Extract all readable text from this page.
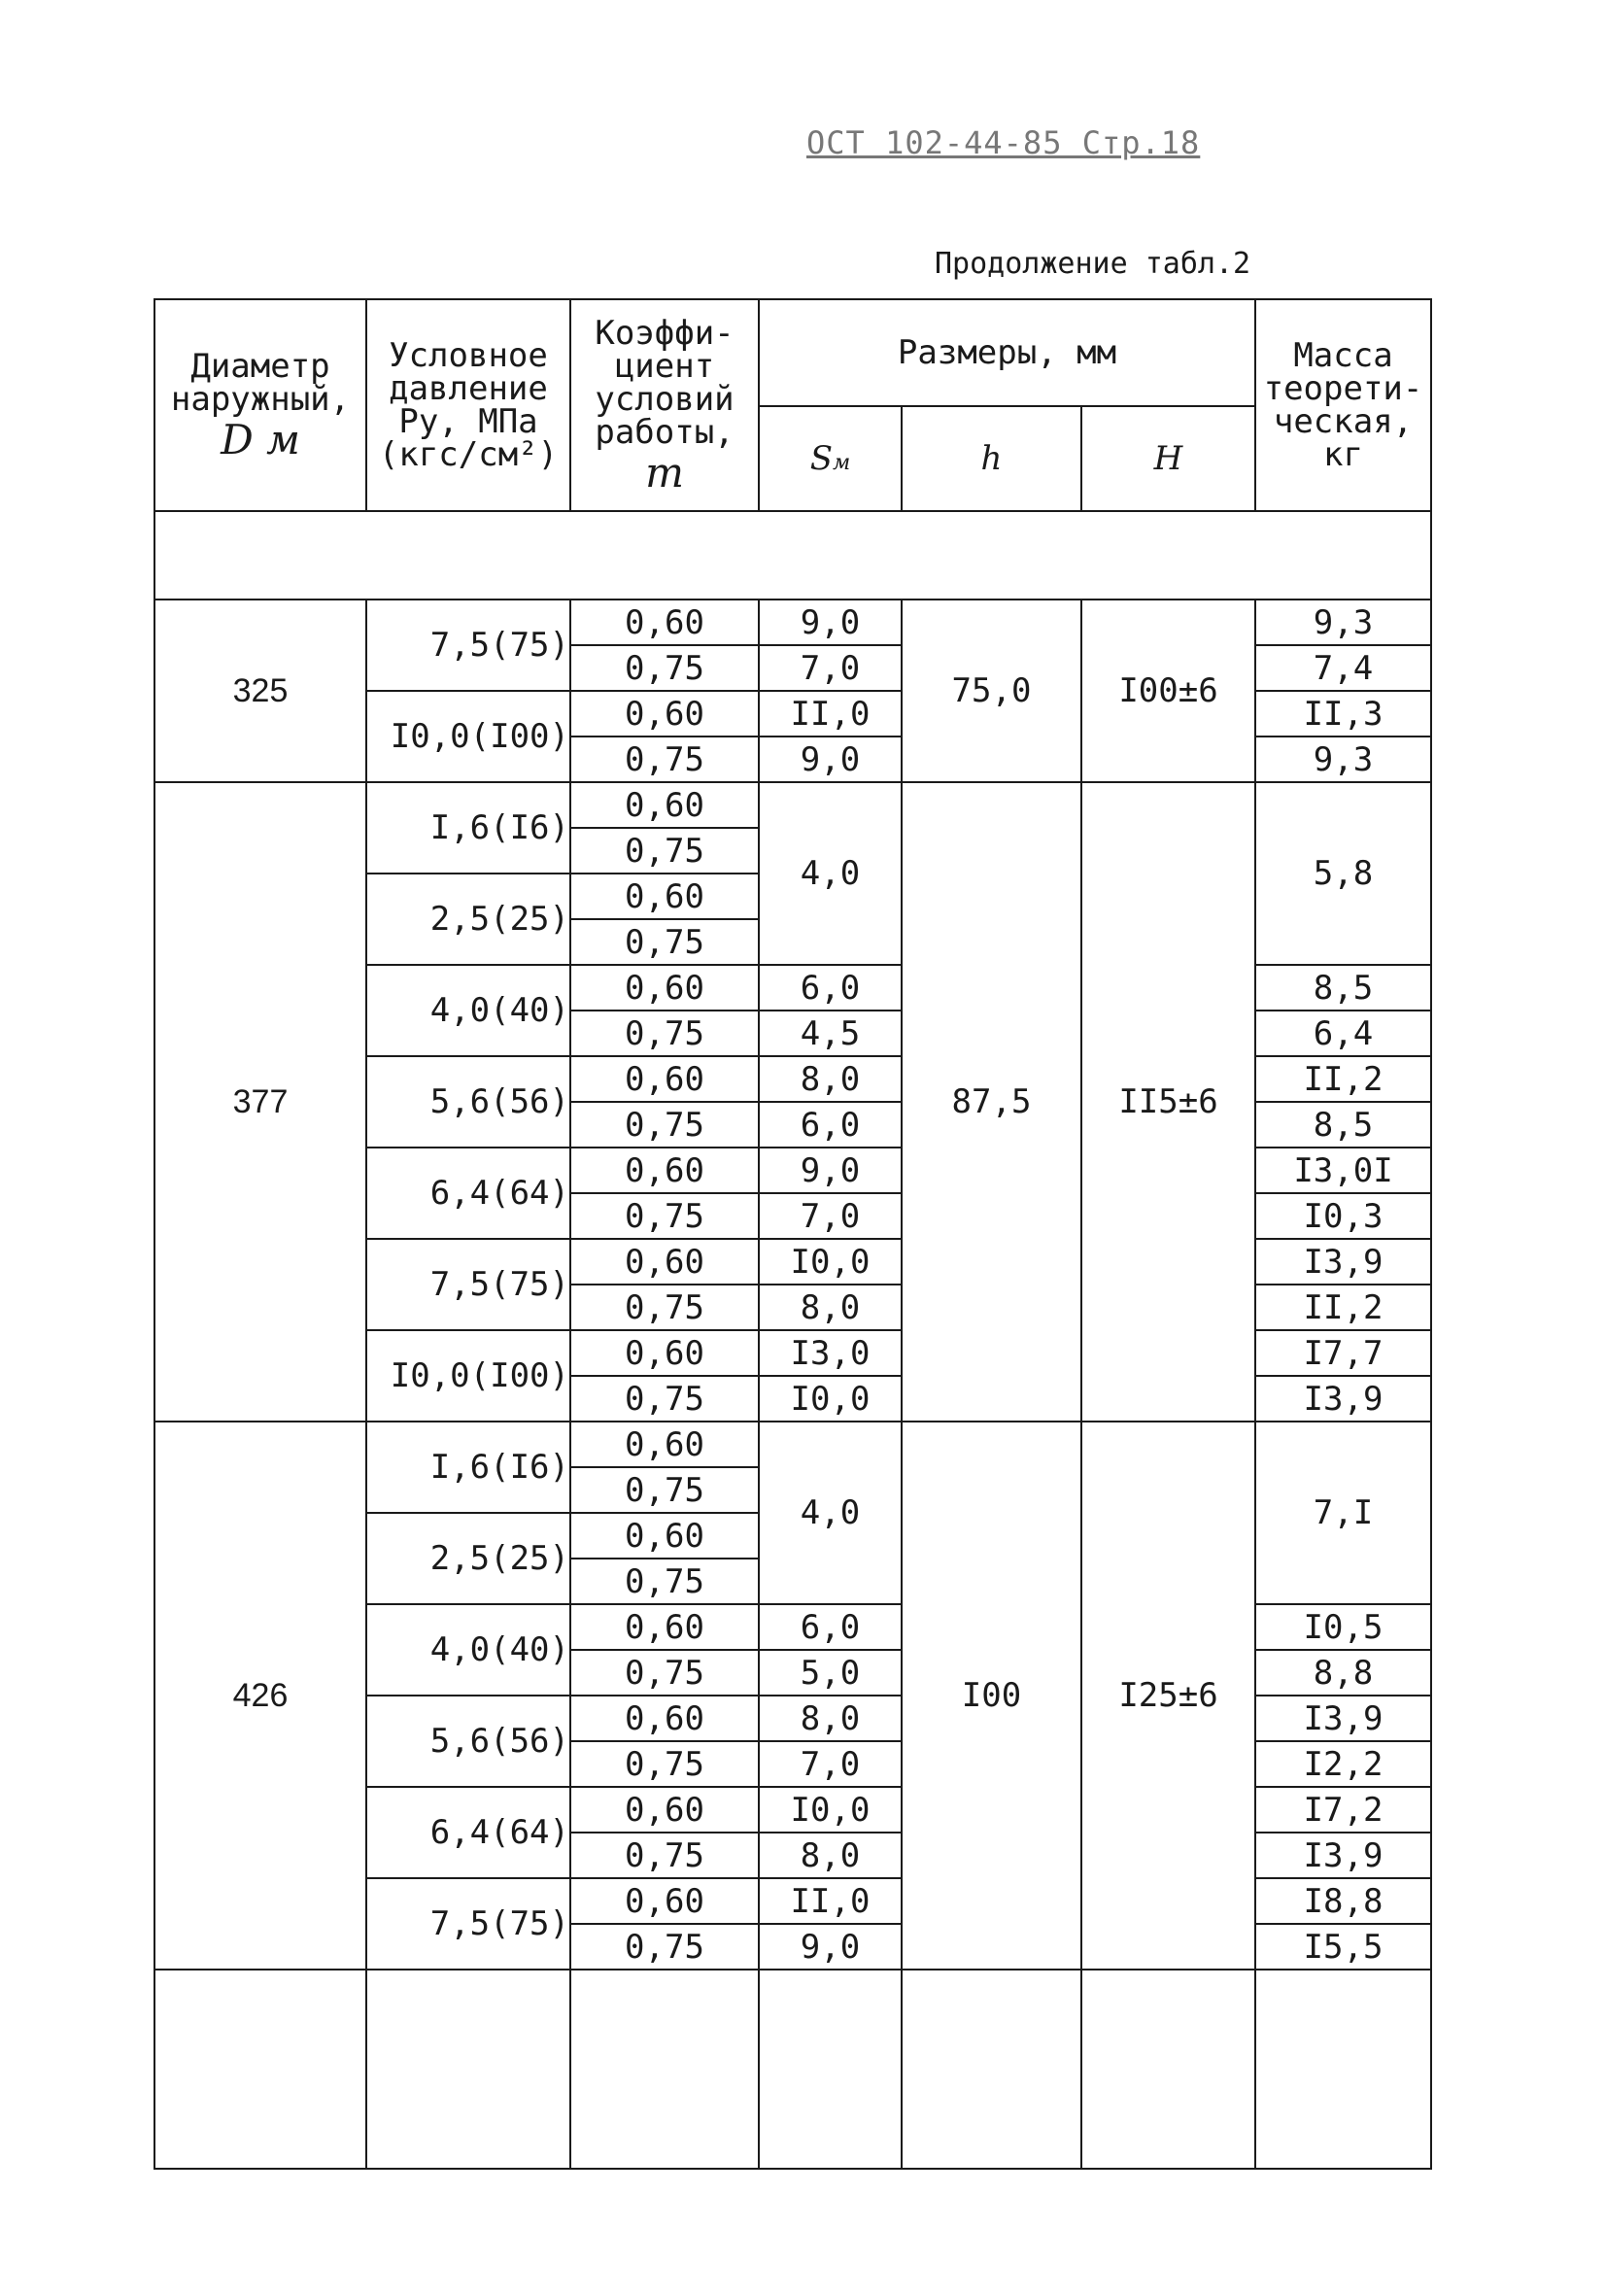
ОСТ 102-44-85 Стр.18
Продолжение табл.2
Диаметр
наружный,
D м	Условное
давление
Pу, МПа
(кгс/см²)	Коэффи-
циент
условий
работы,
m	Размеры, мм			Масса
теорети-
ческая,
кг

			Sм	h	H	

325	7,5(75)	0,60	9,0	75,0	I00±6	9,3
		0,75	7,0			7,4
	I0,0(I00)	0,60	II,0			II,3
		0,75	9,0			9,3
377	I,6(I6)	0,60	4,0	87,5	II5±6	5,8
		0,75				
	2,5(25)	0,60				
		0,75				
	4,0(40)	0,60	6,0			8,5
		0,75	4,5			6,4
	5,6(56)	0,60	8,0			II,2
		0,75	6,0			8,5
	6,4(64)	0,60	9,0			I3,0I
		0,75	7,0			I0,3
	7,5(75)	0,60	I0,0			I3,9
		0,75	8,0			II,2
	I0,0(I00)	0,60	I3,0			I7,7
		0,75	I0,0			I3,9
426	I,6(I6)	0,60	4,0	I00	I25±6	7,I
		0,75				
	2,5(25)	0,60				
		0,75				
	4,0(40)	0,60	6,0			I0,5
		0,75	5,0			8,8
	5,6(56)	0,60	8,0			I3,9
		0,75	7,0			I2,2
	6,4(64)	0,60	I0,0			I7,2
		0,75	8,0			I3,9
	7,5(75)	0,60	II,0			I8,8
		0,75	9,0			I5,5
